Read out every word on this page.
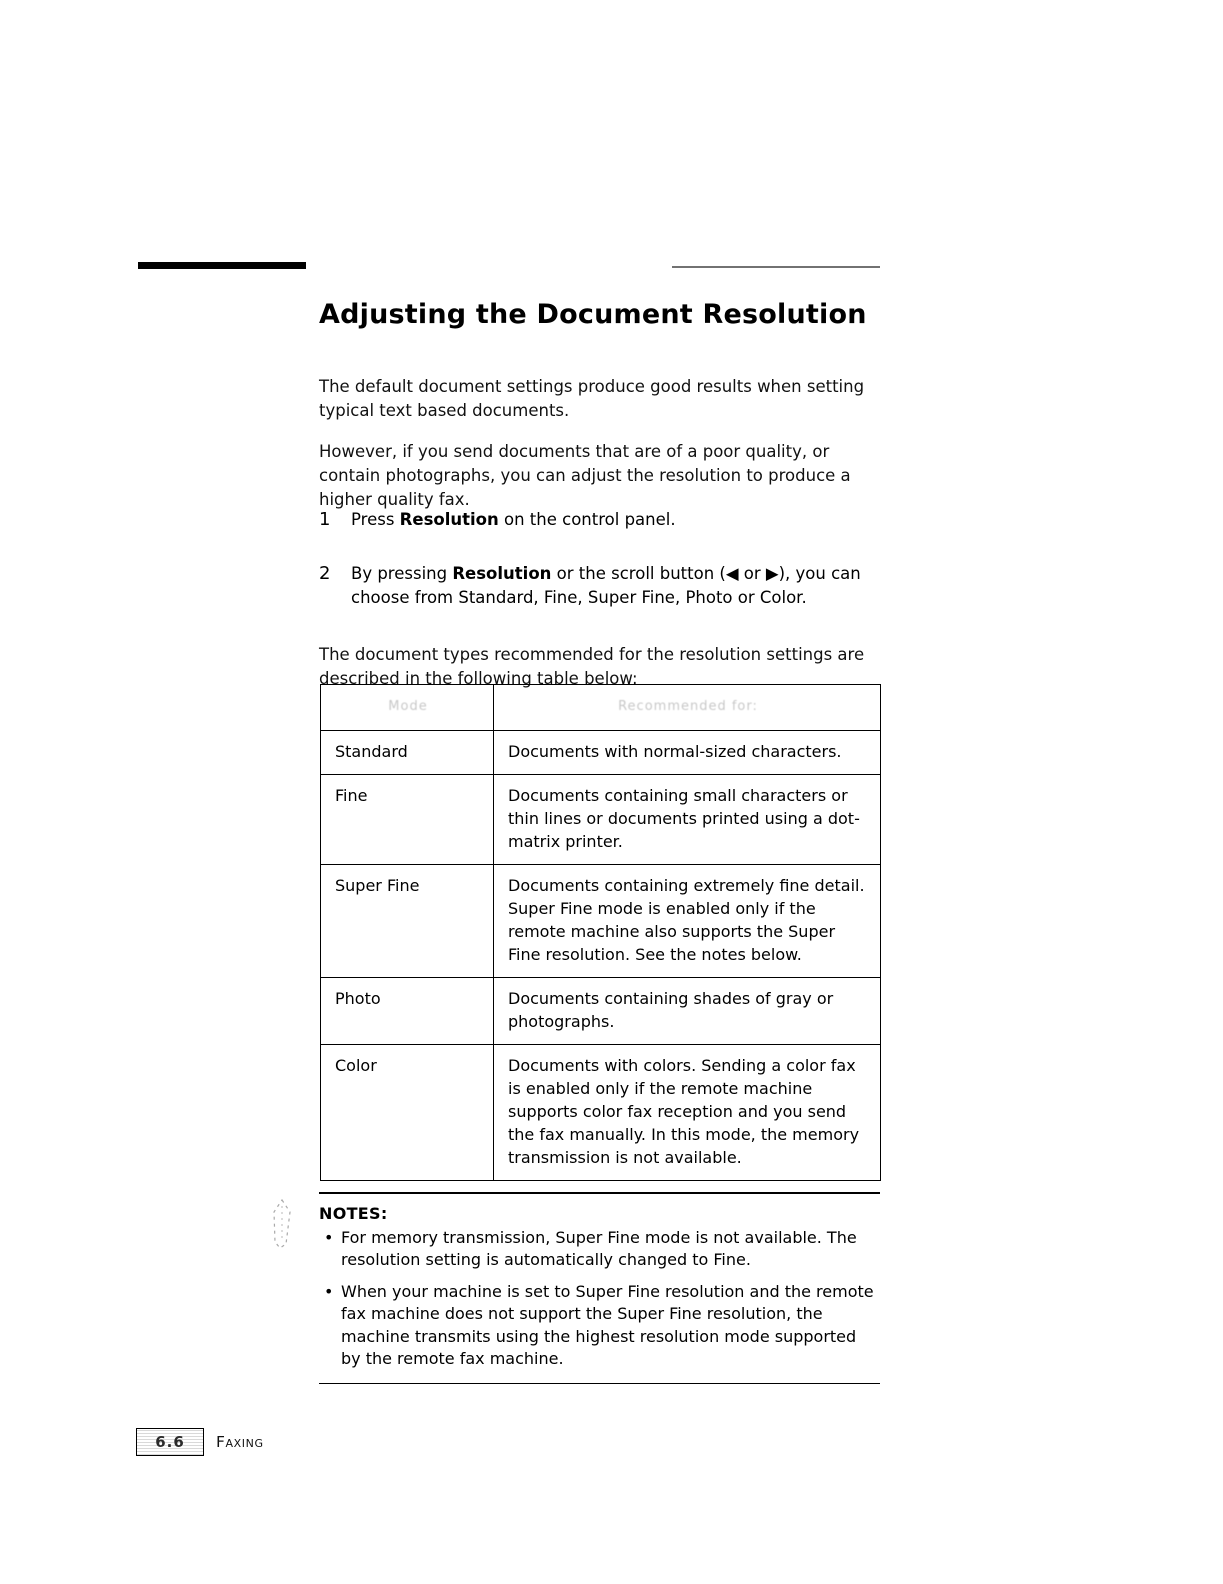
Adjusting the Document Resolution

The default document settings produce good results when setting typical text based documents.

However, if you send documents that are of a poor quality, or contain photographs, you can adjust the resolution to produce a higher quality fax.

1	Press Resolution on the control panel.
2	By pressing Resolution or the scroll button (◀ or ▶), you can choose from Standard, Fine, Super Fine, Photo or Color.

The document types recommended for the resolution settings are described in the following table below:

Mode	Recommended for:
Standard	Documents with normal-sized characters.
Fine	Documents containing small characters or thin lines or documents printed using a dot-matrix printer.
Super Fine	Documents containing extremely fine detail. Super Fine mode is enabled only if the remote machine also supports the Super Fine resolution. See the notes below.
Photo	Documents containing shades of gray or photographs.
Color	Documents with colors. Sending a color fax is enabled only if the remote machine supports color fax reception and you send the fax manually. In this mode, the memory transmission is not available.
NOTES:
• For memory transmission, Super Fine mode is not available. The resolution setting is automatically changed to Fine.
• When your machine is set to Super Fine resolution and the remote fax machine does not support the Super Fine resolution, the machine transmits using the highest resolution mode supported by the remote fax machine.
6.6	Faxing
